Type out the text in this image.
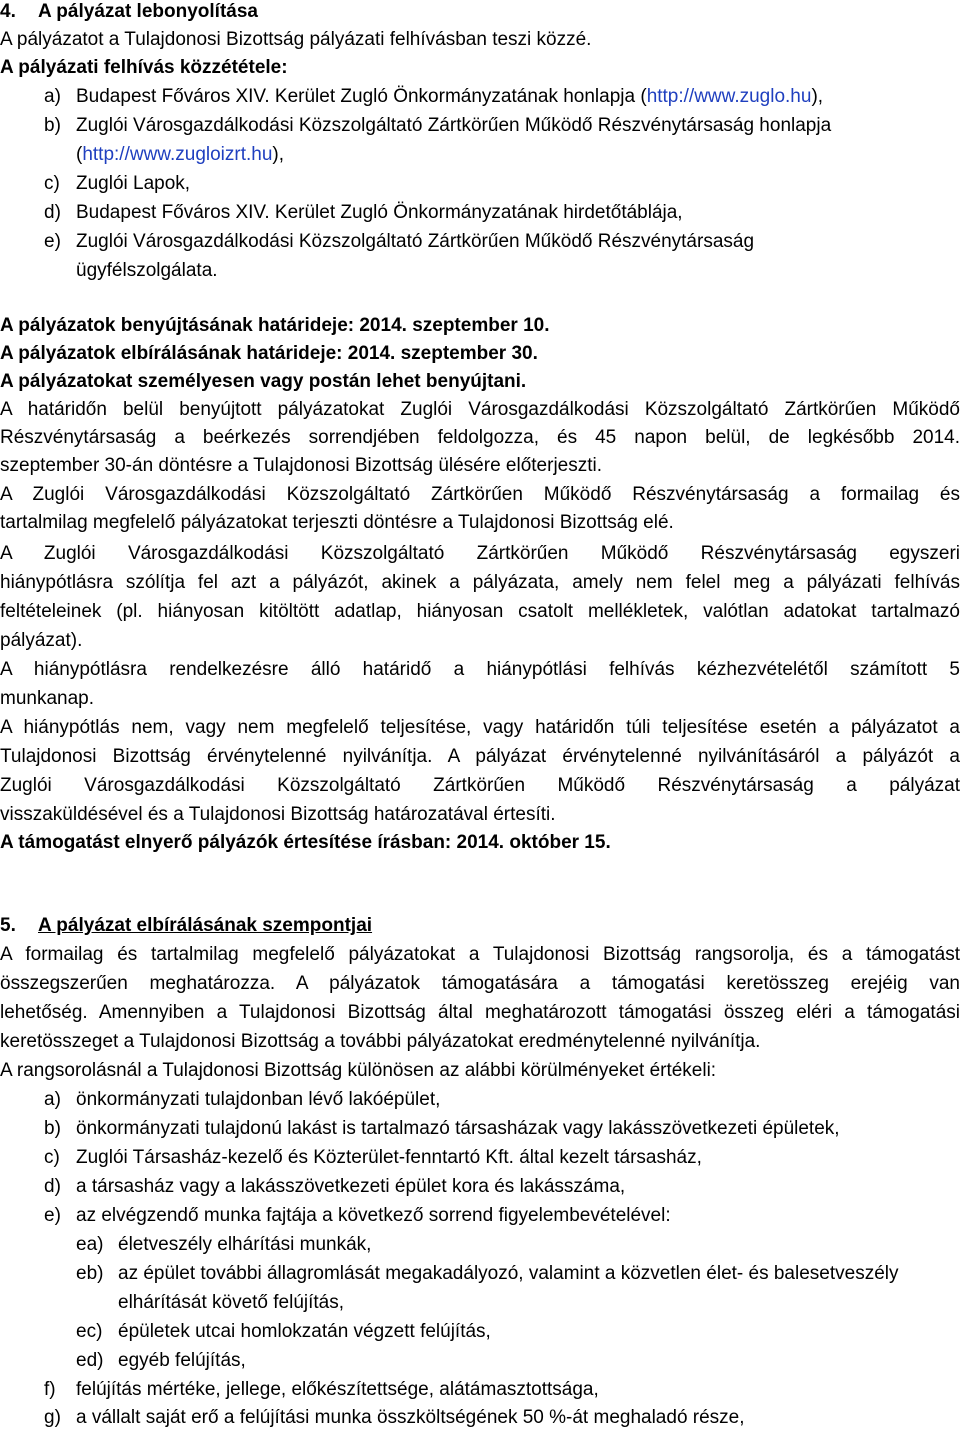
4. A pályázat lebonyolítása
A pályázatot a Tulajdonosi Bizottság pályázati felhívásban teszi közzé.
A pályázati felhívás közzététele:
a) Budapest Főváros XIV. Kerület Zugló Önkormányzatának honlapja (http://www.zuglo.hu),
b) Zuglói Városgazdálkodási Közszolgáltató Zártkörűen Működő Részvénytársaság honlapja
(http://www.zugloizrt.hu),
c) Zuglói Lapok,
d) Budapest Főváros XIV. Kerület Zugló Önkormányzatának hirdetőtáblája,
e) Zuglói Városgazdálkodási Közszolgáltató Zártkörűen Működő Részvénytársaság
ügyfélszolgálata.
A pályázatok benyújtásának határideje: 2014. szeptember 10.
A pályázatok elbírálásának határideje: 2014. szeptember 30.
A pályázatokat személyesen vagy postán lehet benyújtani.
A határidőn belül benyújtott pályázatokat Zuglói Városgazdálkodási Közszolgáltató Zártkörűen Működő
Részvénytársaság a beérkezés sorrendjében feldolgozza, és 45 napon belül, de legkésőbb 2014.
szeptember 30-án döntésre a Tulajdonosi Bizottság ülésére előterjeszti.
A Zuglói Városgazdálkodási Közszolgáltató Zártkörűen Működő Részvénytársaság a formailag és
tartalmilag megfelelő pályázatokat terjeszti döntésre a Tulajdonosi Bizottság elé.
A Zuglói Városgazdálkodási Közszolgáltató Zártkörűen Működő Részvénytársaság egyszeri
hiánypótlásra szólítja fel azt a pályázót, akinek a pályázata, amely nem felel meg a pályázati felhívás
feltételeinek (pl. hiányosan kitöltött adatlap, hiányosan csatolt mellékletek, valótlan adatokat tartalmazó
pályázat).
A hiánypótlásra rendelkezésre álló határidő a hiánypótlási felhívás kézhezvételétől számított 5
munkanap.
A hiánypótlás nem, vagy nem megfelelő teljesítése, vagy határidőn túli teljesítése esetén a pályázatot a
Tulajdonosi Bizottság érvénytelenné nyilvánítja. A pályázat érvénytelenné nyilvánításáról a pályázót a
Zuglói Városgazdálkodási Közszolgáltató Zártkörűen Működő Részvénytársaság a pályázat
visszaküldésével és a Tulajdonosi Bizottság határozatával értesíti.
A támogatást elnyerő pályázók értesítése írásban: 2014. október 15.
5. A pályázat elbírálásának szempontjai
A formailag és tartalmilag megfelelő pályázatokat a Tulajdonosi Bizottság rangsorolja, és a támogatást
összegszerűen meghatározza. A pályázatok támogatására a támogatási keretösszeg erejéig van
lehetőség. Amennyiben a Tulajdonosi Bizottság által meghatározott támogatási összeg eléri a támogatási
keretösszeget a Tulajdonosi Bizottság a további pályázatokat eredménytelenné nyilvánítja.
A rangsorolásnál a Tulajdonosi Bizottság különösen az alábbi körülményeket értékeli:
a) önkormányzati tulajdonban lévő lakóépület,
b) önkormányzati tulajdonú lakást is tartalmazó társasházak vagy lakásszövetkezeti épületek,
c) Zuglói Társasház-kezelő és Közterület-fenntartó Kft. által kezelt társasház,
d) a társasház vagy a lakásszövetkezeti épület kora és lakásszáma,
e) az elvégzendő munka fajtája a következő sorrend figyelembevételével:
ea) életveszély elhárítási munkák,
eb) az épület további állagromlását megakadályozó, valamint a közvetlen élet- és balesetveszély
elhárítását követő felújítás,
ec) épületek utcai homlokzatán végzett felújítás,
ed) egyéb felújítás,
f) felújítás mértéke, jellege, előkészítettsége, alátámasztottsága,
g) a vállalt saját erő a felújítási munka összköltségének 50 %-át meghaladó része,
